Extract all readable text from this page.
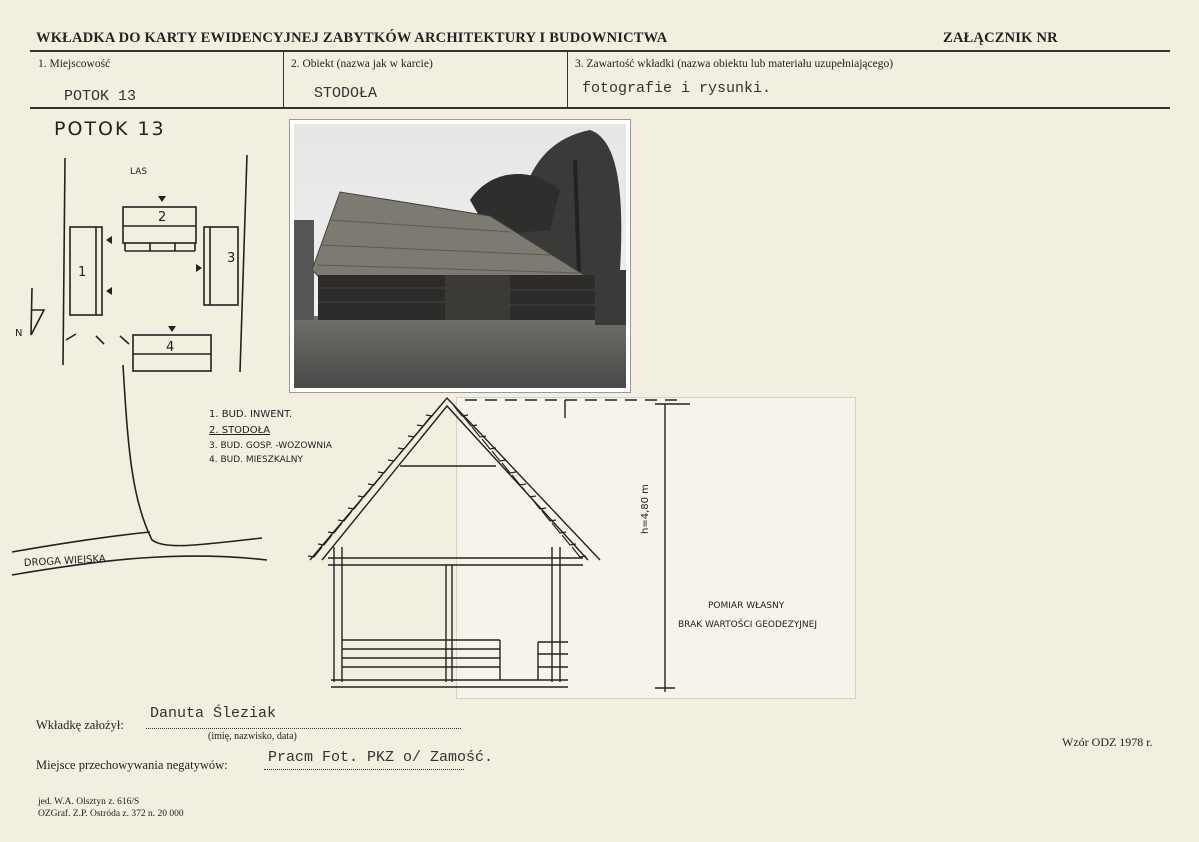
WKŁADKA DO KARTY EWIDENCYJNEJ ZABYTKÓW ARCHITEKTURY I BUDOWNICTWA	ZAŁĄCZNIK NR
1. Miejscowość	2. Obiekt (nazwa jak w karcie)	3. Zawartość wkładki (nazwa obiektu lub materiału uzupełniającego)
POTOK 13	STODOŁA	fotografie i rysunki.
POTOK 13
2
1
3
4
LAS
N
DROGA WIEJSKA
1. BUD. INWENT.
2. STODOŁA
3. BUD. GOSP. -WOZOWNIA
4. BUD. MIESZKALNY
h=4,80 m
POMIAR WŁASNY
BRAK WARTOŚCI GEODEZYJNEJ
Wkładkę założył:
Danuta Śleziak
(imię, nazwisko, data)
Miejsce przechowywania negatywów:	Pracm Fot. PKZ o/ Zamość.
Wzór ODZ 1978 r.
jed. W.A. Olsztyn z. 616/S
OZGraf. Z.P. Ostróda z. 372 n. 20 000
